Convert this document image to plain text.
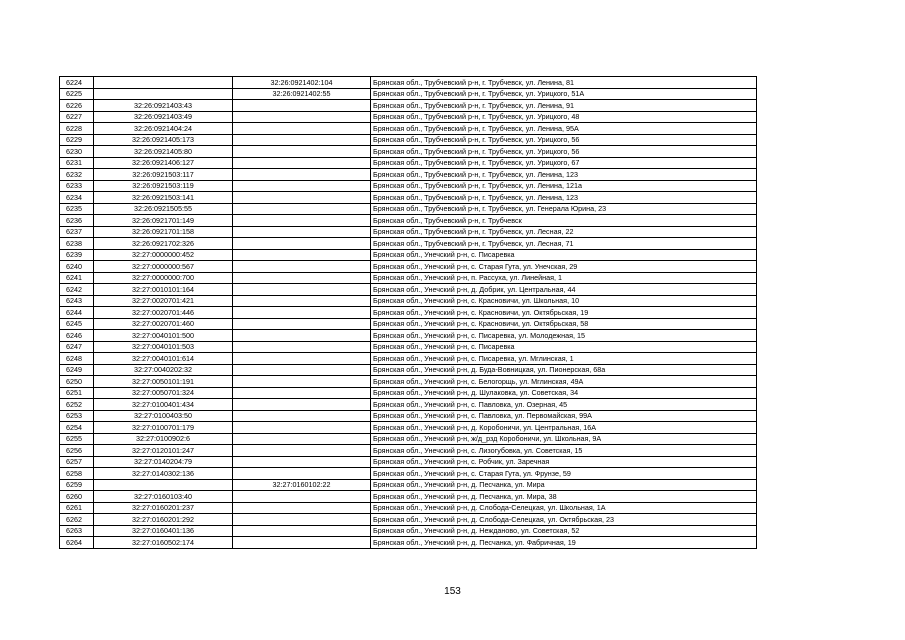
6224		32:26:0921402:104	Брянская обл., Трубчевский р-н, г. Трубчевск, ул. Ленина, 81
6225		32:26:0921402:55	Брянская обл., Трубчевский р-н, г. Трубчевск, ул. Урицкого, 51А
6226	32:26:0921403:43		Брянская обл., Трубчевский р-н, г. Трубчевск, ул. Ленина, 91
6227	32:26:0921403:49		Брянская обл., Трубчевский р-н, г. Трубчевск, ул. Урицкого, 48
6228	32:26:0921404:24		Брянская обл., Трубчевский р-н, г. Трубчевск, ул. Ленина, 95А
6229	32:26:0921405:173		Брянская обл., Трубчевский р-н, г. Трубчевск, ул. Урицкого, 56
6230	32:26:0921405:80		Брянская обл., Трубчевский р-н, г. Трубчевск, ул. Урицкого, 56
6231	32:26:0921406:127		Брянская обл., Трубчевский р-н, г. Трубчевск, ул. Урицкого, 67
6232	32:26:0921503:117		Брянская обл., Трубчевский р-н, г. Трубчевск, ул. Ленина, 123
6233	32:26:0921503:119		Брянская обл., Трубчевский р-н, г. Трубчевск, ул. Ленина, 121а
6234	32:26:0921503:141		Брянская обл., Трубчевский р-н, г. Трубчевск, ул. Ленина, 123
6235	32:26:0921505:55		Брянская обл., Трубчевский р-н, г. Трубчевск, ул. Генерала Юрина, 23
6236	32:26:0921701:149		Брянская обл., Трубчевский р-н, г. Трубчевск
6237	32:26:0921701:158		Брянская обл., Трубчевский р-н, г. Трубчевск, ул. Лесная, 22
6238	32:26:0921702:326		Брянская обл., Трубчевский р-н, г. Трубчевск, ул. Лесная, 71
6239	32:27:0000000:452		Брянская обл., Унечский р-н, с. Писаревка
6240	32:27:0000000:567		Брянская обл., Унечский р-н, с. Старая Гута, ул. Унечская, 29
6241	32:27:0000000:700		Брянская обл., Унечский р-н, п. Рассуха, ул. Линейная, 1
6242	32:27:0010101:164		Брянская обл., Унечский р-н, д. Добрик, ул. Центральная, 44
6243	32:27:0020701:421		Брянская обл., Унечский р-н, с. Красновичи, ул. Школьная, 10
6244	32:27:0020701:446		Брянская обл., Унечский р-н, с. Красновичи, ул. Октябрьская, 19
6245	32:27:0020701:460		Брянская обл., Унечский р-н, с. Красновичи, ул. Октябрьская, 58
6246	32:27:0040101:500		Брянская обл., Унечский р-н, с. Писаревка, ул. Молодежная, 15
6247	32:27:0040101:503		Брянская обл., Унечский р-н, с. Писаревка
6248	32:27:0040101:614		Брянская обл., Унечский р-н, с. Писаревка, ул. Мглинская, 1
6249	32:27:0040202:32		Брянская обл., Унечский р-н, д. Буда-Вовницкая, ул. Пионерская, 68а
6250	32:27:0050101:191		Брянская обл., Унечский р-н, с. Белогорщь, ул. Мглинская, 49А
6251	32:27:0050701:324		Брянская обл., Унечский р-н, д. Шулаковка, ул. Советская, 34
6252	32:27:0100401:434		Брянская обл., Унечский р-н, с. Павловка, ул. Озерная, 45
6253	32:27:0100403:50		Брянская обл., Унечский р-н, с. Павловка, ул. Первомайская, 99А
6254	32:27:0100701:179		Брянская обл., Унечский р-н, д. Коробоничи, ул. Центральная, 16А
6255	32:27:0100902:6		Брянская обл., Унечский р-н, ж/д_рзд Коробоничи, ул. Школьная, 9А
6256	32:27:0120101:247		Брянская обл., Унечский р-н, с. Лизогубовка, ул. Советская, 15
6257	32:27:0140204:79		Брянская обл., Унечский р-н, с. Робчик, ул. Заречная
6258	32:27:0140302:136		Брянская обл., Унечский р-н, с. Старая Гута, ул. Фрунзе, 59
6259		32:27:0160102:22	Брянская обл., Унечский р-н, д. Песчанка, ул. Мира
6260	32:27:0160103:40		Брянская обл., Унечский р-н, д. Песчанка, ул. Мира, 38
6261	32:27:0160201:237		Брянская обл., Унечский р-н, д. Слобода-Селецкая, ул. Школьная, 1А
6262	32:27:0160201:292		Брянская обл., Унечский р-н, д. Слобода-Селецкая, ул. Октябрьская, 23
6263	32:27:0160401:136		Брянская обл., Унечский р-н, д. Нежданово, ул. Советская, 52
6264	32:27:0160502:174		Брянская обл., Унечский р-н, д. Песчанка, ул. Фабричная, 19
153
